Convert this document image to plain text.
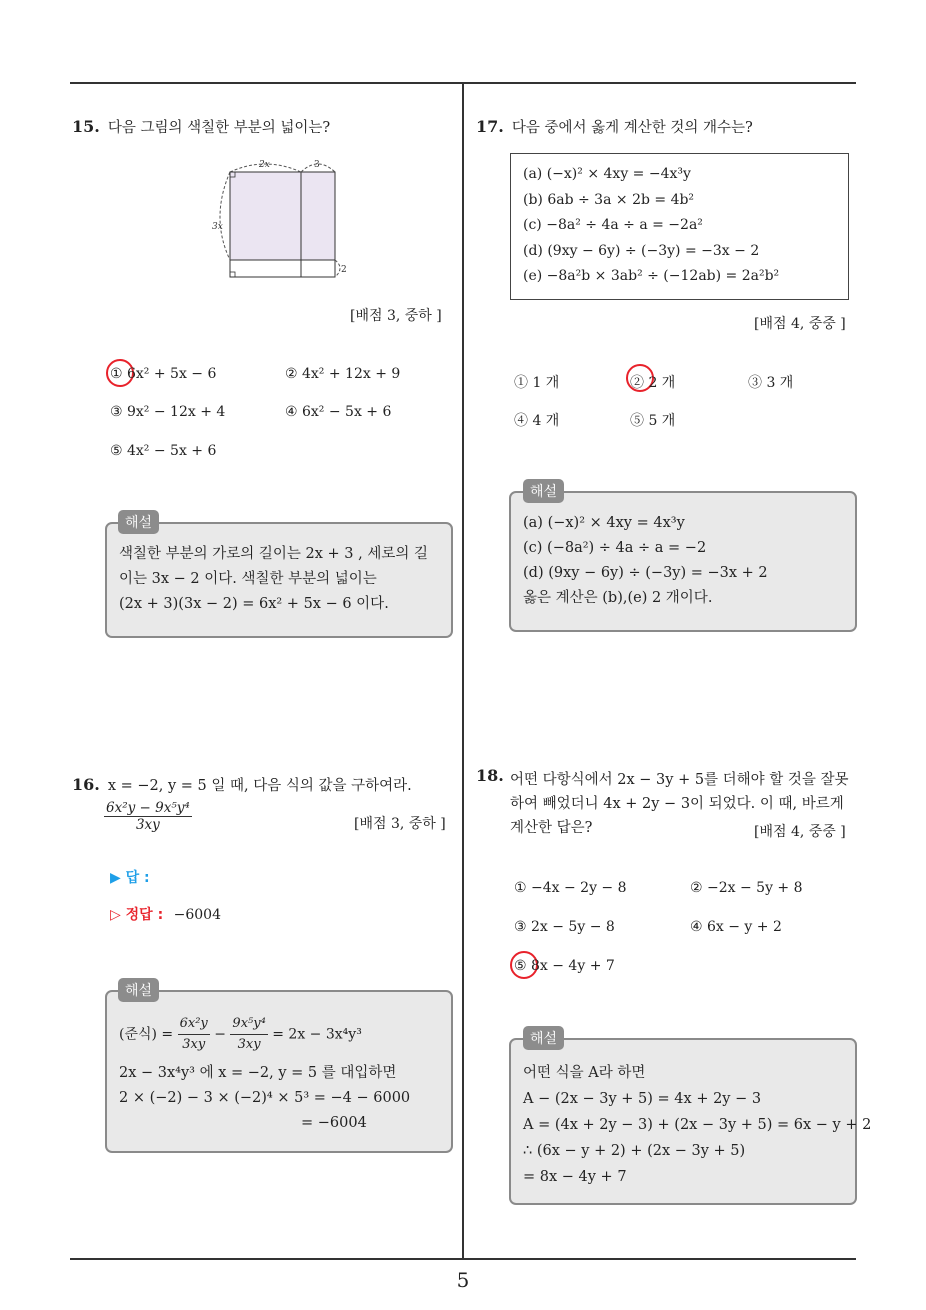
15. 다음 그림의 색칠한 부분의 넓이는?
2x	3
3x
2
[배점 3, 중하 ]
① 6x² + 5x − 6	② 4x² + 12x + 9
③ 9x² − 12x + 4	④ 6x² − 5x + 6
⑤ 4x² − 5x + 6
색칠한 부분의 가로의 길이는 2x + 3 , 세로의 길
이는 3x − 2 이다. 색칠한 부분의 넓이는
(2x + 3)(3x − 2) = 6x² + 5x − 6 이다.
해설
16. x = −2, y = 5 일 때, 다음 식의 값을 구하여라.
$\frac{\text{6x²y − 9x⁵y⁴}}{3xy}$	[배점 3, 중하 ]
▶ 답 :
▷ 정답 : −6004
(준식) = $\frac{\text{6x²y}}{3xy} - \frac{\text{9x⁵y⁴}}{3xy} = 2x - 3x^4y^3$
2x − 3x⁴y³ 에 x = −2, y = 5 를 대입하면
2 × (−2) − 3 × (−2)⁴ × 5³ = −4 − 6000
= −6004
해설
17. 다음 중에서 옳게 계산한 것의 개수는?
(a) (−x)² × 4xy = −4x³y
(b) 6ab ÷ 3a × 2b = 4b²
(c) −8a² ÷ 4a ÷ a = −2a²
(d) (9xy − 6y) ÷ (−3y) = −3x − 2
(e) −8a²b × 3ab² ÷ (−12ab) = 2a²b²
[배점 4, 중중 ]
① 1 개	② 2 개	③ 3 개
④ 4 개	⑤ 5 개
(a) (−x)² × 4xy = 4x³y
(c) (−8a²) ÷ 4a ÷ a = −2
(d) (9xy − 6y) ÷ (−3y) = −3x + 2
옳은 계산은 (b),(e) 2 개이다.
해설
18. 어떤 다항식에서 2x − 3y + 5를 더해야 할 것을 잘못
하여 빼었더니 4x + 2y − 3이 되었다. 이 때, 바르게
계산한 답은?	[배점 4, 중중 ]
① −4x − 2y − 8	② −2x − 5y + 8
③ 2x − 5y − 8	④ 6x − y + 2
⑤ 8x − 4y + 7
어떤 식을 A라 하면
A − (2x − 3y + 5) = 4x + 2y − 3
A = (4x + 2y − 3) + (2x − 3y + 5) = 6x − y + 2
∴ (6x − y + 2) + (2x − 3y + 5)
= 8x − 4y + 7
해설
5
